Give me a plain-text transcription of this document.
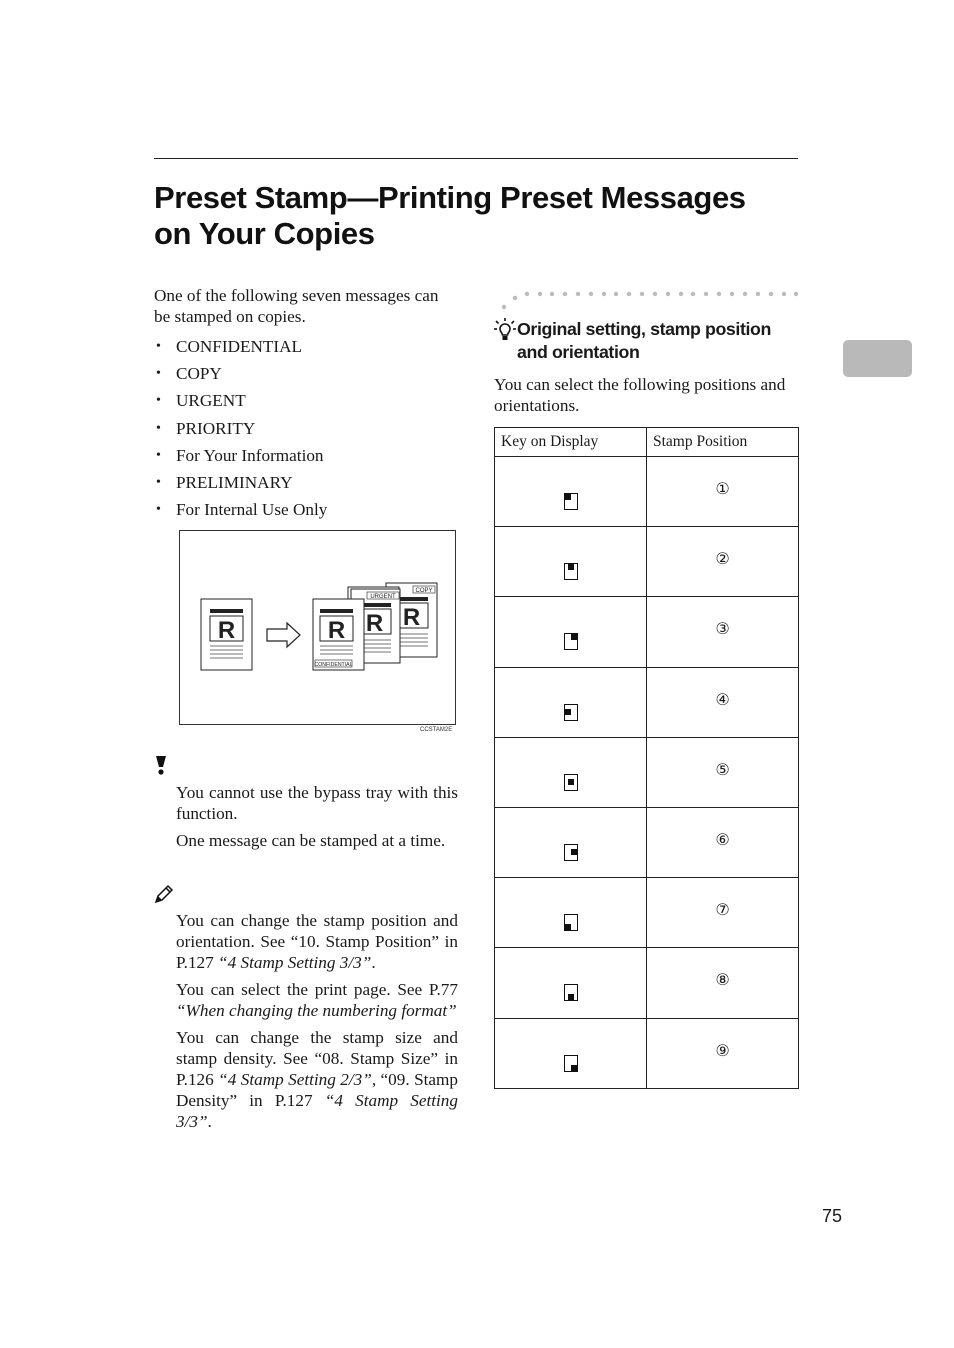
Preset Stamp—Printing Preset Messages
on Your Copies

One of the following seven messages can be stamped on copies.

• CONFIDENTIAL
• COPY
• URGENT
• PRIORITY
• For Your Information
• PRELIMINARY
• For Internal Use Only
R
COPY
R
URGENT
R
R
CONFIDENTIAL
CCSTAM2E

You cannot use the bypass tray with this function.

One message can be stamped at a time.

You can change the stamp position and orientation. See “10. Stamp Position” in P.127 “4 Stamp Setting 3/3”.

You can select the print page. See P.77 “When changing the numbering format”

You can change the stamp size and stamp density. See “08. Stamp Size” in P.126 “4 Stamp Setting 2/3”, “09. Stamp Density” in P.127 “4 Stamp Setting 3/3”.

Original setting, stamp position
and orientation

You can select the following positions and orientations.

Key on Display	Stamp Position

	①

	②

	③

	④

	⑤

	⑥

	⑦

	⑧

	⑨
75
